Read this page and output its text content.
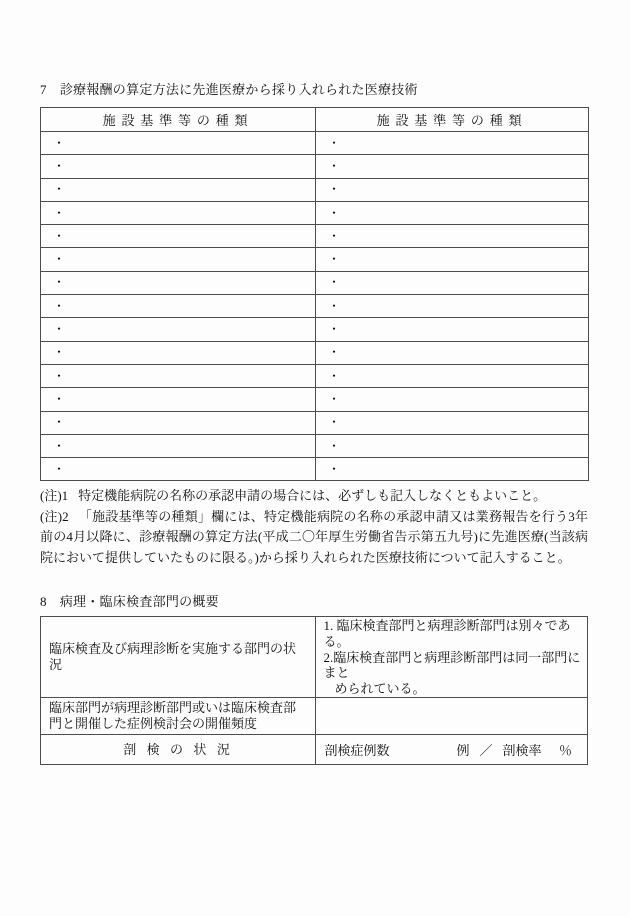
7 診療報酬の算定方法に先進医療から採り入れられた医療技術
施設基準等の種類	施設基準等の種類
・	・
・	・
・	・
・	・
・	・
・	・
・	・
・	・
・	・
・	・
・	・
・	・
・	・
・	・
・	・
(注)1 特定機能病院の名称の承認申請の場合には、必ずしも記入しなくともよいこと。
(注)2 「施設基準等の種類」欄には、特定機能病院の名称の承認申請又は業務報告を行う3年前の4月以降に、診療報酬の算定方法(平成二〇年厚生労働省告示第五九号)に先進医療(当該病院において提供していたものに限る。)から採り入れられた医療技術について記入すること。
8 病理・臨床検査部門の概要
臨床検査及び病理診断を実施する部門の状況	1. 臨床検査部門と病理診断部門は別々である。
2.臨床検査部門と病理診断部門は同一部門にまと
められている。

臨床部門が病理診断部門或いは臨床検査部門と開催した症例検討会の開催頻度	
剖検の状況	剖検症例数 例 ／ 剖検率 ％
